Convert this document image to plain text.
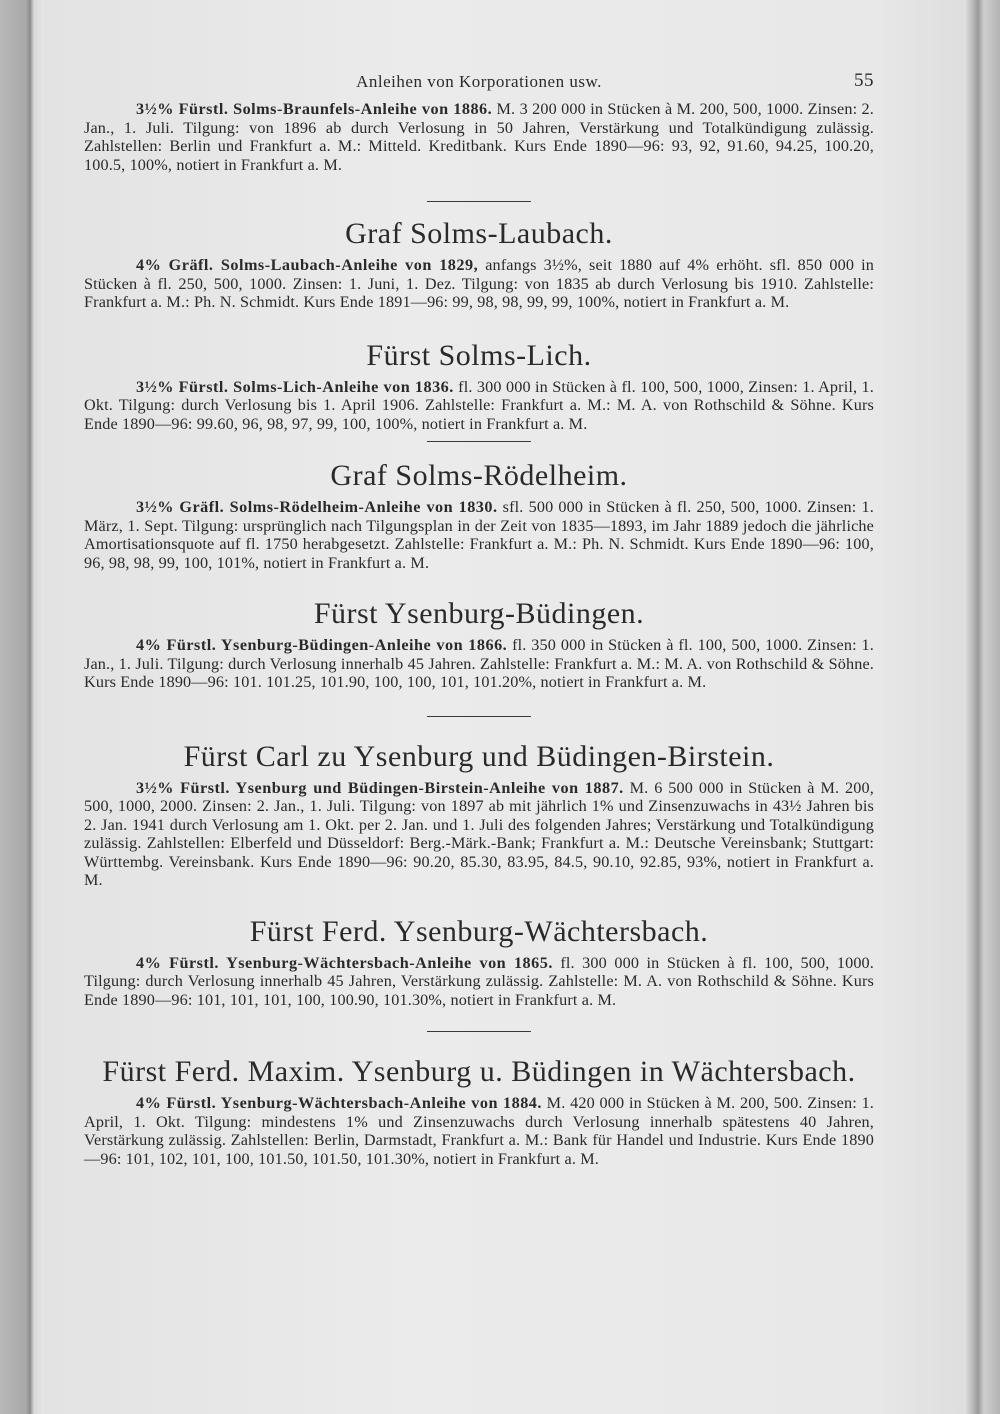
Anleihen von Korporationen usw.	55

3½% Fürstl. Solms-Braunfels-Anleihe von 1886. M. 3 200 000 in Stücken à M. 200, 500, 1000. Zinsen: 2. Jan., 1. Juli. Tilgung: von 1896 ab durch Verlosung in 50 Jahren, Verstärkung und Totalkündigung zulässig. Zahlstellen: Berlin und Frankfurt a. M.: Mitteld. Kreditbank. Kurs Ende 1890—96: 93, 92, 91.60, 94.25, 100.20, 100.5, 100%, notiert in Frankfurt a. M.

Graf Solms-Laubach.

4% Gräfl. Solms-Laubach-Anleihe von 1829, anfangs 3½%, seit 1880 auf 4% erhöht. sfl. 850 000 in Stücken à fl. 250, 500, 1000. Zinsen: 1. Juni, 1. Dez. Tilgung: von 1835 ab durch Verlosung bis 1910. Zahlstelle: Frankfurt a. M.: Ph. N. Schmidt. Kurs Ende 1891—96: 99, 98, 98, 99, 99, 100%, notiert in Frankfurt a. M.

Fürst Solms-Lich.

3½% Fürstl. Solms-Lich-Anleihe von 1836. fl. 300 000 in Stücken à fl. 100, 500, 1000, Zinsen: 1. April, 1. Okt. Tilgung: durch Verlosung bis 1. April 1906. Zahlstelle: Frankfurt a. M.: M. A. von Rothschild & Söhne. Kurs Ende 1890—96: 99.60, 96, 98, 97, 99, 100, 100%, notiert in Frankfurt a. M.

Graf Solms-Rödelheim.

3½% Gräfl. Solms-Rödelheim-Anleihe von 1830. sfl. 500 000 in Stücken à fl. 250, 500, 1000. Zinsen: 1. März, 1. Sept. Tilgung: ursprünglich nach Tilgungsplan in der Zeit von 1835—1893, im Jahr 1889 jedoch die jährliche Amortisationsquote auf fl. 1750 herabgesetzt. Zahlstelle: Frankfurt a. M.: Ph. N. Schmidt. Kurs Ende 1890—96: 100, 96, 98, 98, 99, 100, 101%, notiert in Frankfurt a. M.

Fürst Ysenburg-Büdingen.

4% Fürstl. Ysenburg-Büdingen-Anleihe von 1866. fl. 350 000 in Stücken à fl. 100, 500, 1000. Zinsen: 1. Jan., 1. Juli. Tilgung: durch Verlosung innerhalb 45 Jahren. Zahlstelle: Frankfurt a. M.: M. A. von Rothschild & Söhne. Kurs Ende 1890—96: 101. 101.25, 101.90, 100, 100, 101, 101.20%, notiert in Frankfurt a. M.

Fürst Carl zu Ysenburg und Büdingen-Birstein.

3½% Fürstl. Ysenburg und Büdingen-Birstein-Anleihe von 1887. M. 6 500 000 in Stücken à M. 200, 500, 1000, 2000. Zinsen: 2. Jan., 1. Juli. Tilgung: von 1897 ab mit jährlich 1% und Zinsenzuwachs in 43½ Jahren bis 2. Jan. 1941 durch Verlosung am 1. Okt. per 2. Jan. und 1. Juli des folgenden Jahres; Verstärkung und Totalkündigung zulässig. Zahlstellen: Elberfeld und Düsseldorf: Berg.-Märk.-Bank; Frankfurt a. M.: Deutsche Vereinsbank; Stuttgart: Württembg. Vereinsbank. Kurs Ende 1890—96: 90.20, 85.30, 83.95, 84.5, 90.10, 92.85, 93%, notiert in Frankfurt a. M.

Fürst Ferd. Ysenburg-Wächtersbach.

4% Fürstl. Ysenburg-Wächtersbach-Anleihe von 1865. fl. 300 000 in Stücken à fl. 100, 500, 1000. Tilgung: durch Verlosung innerhalb 45 Jahren, Verstärkung zulässig. Zahlstelle: M. A. von Rothschild & Söhne. Kurs Ende 1890—96: 101, 101, 101, 100, 100.90, 101.30%, notiert in Frankfurt a. M.

Fürst Ferd. Maxim. Ysenburg u. Büdingen in Wächtersbach.

4% Fürstl. Ysenburg-Wächtersbach-Anleihe von 1884. M. 420 000 in Stücken à M. 200, 500. Zinsen: 1. April, 1. Okt. Tilgung: mindestens 1% und Zinsenzuwachs durch Verlosung innerhalb spätestens 40 Jahren, Verstärkung zulässig. Zahlstellen: Berlin, Darmstadt, Frankfurt a. M.: Bank für Handel und Industrie. Kurs Ende 1890—96: 101, 102, 101, 100, 101.50, 101.50, 101.30%, notiert in Frankfurt a. M.
